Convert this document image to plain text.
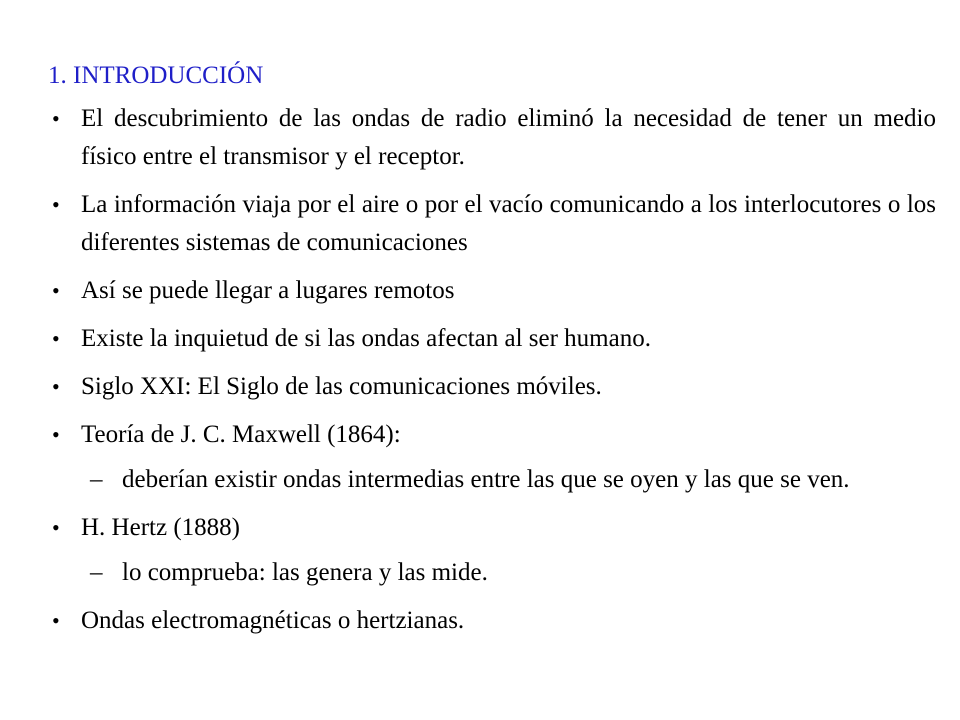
1. INTRODUCCIÓN
• El descubrimiento de las ondas de radio eliminó la necesidad de tener un medio físico entre el transmisor y el receptor.
• La información viaja por el aire o por el vacío comunicando a los interlocutores o los diferentes sistemas de comunicaciones
• Así se puede llegar a lugares remotos
• Existe la inquietud de si las ondas afectan al ser humano.
• Siglo XXI: El Siglo de las comunicaciones móviles.
• Teoría de J. C. Maxwell (1864):
– deberían existir ondas intermedias entre las que se oyen y las que se ven.
• H. Hertz (1888)
– lo comprueba: las genera y las mide.
• Ondas electromagnéticas o hertzianas.
